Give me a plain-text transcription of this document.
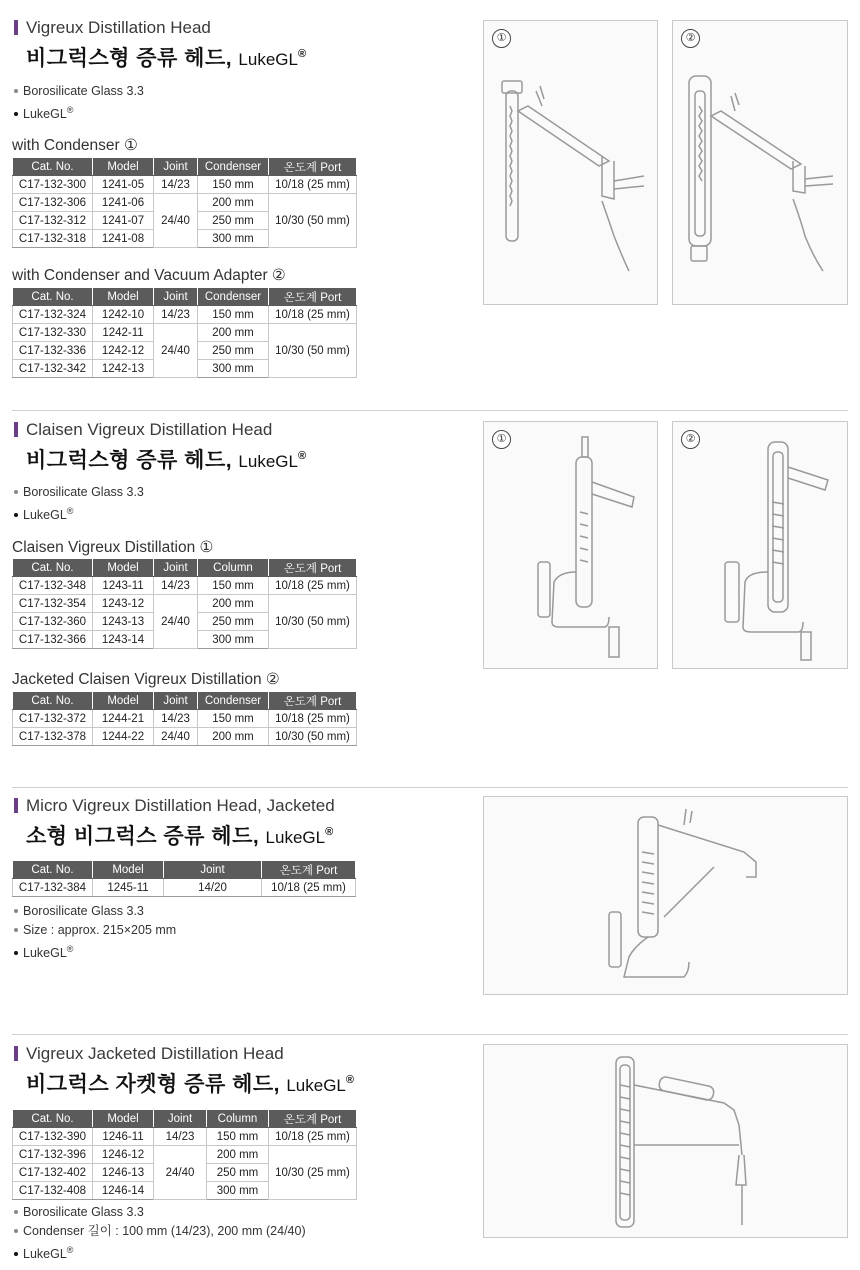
Vigreux Distillation Head
비그럭스형 증류 헤드, LukeGL®
Borosilicate Glass 3.3
LukeGL®
with Condenser ①
Cat. No.	Model	Joint	Condenser	온도계 Port
C17-132-300	1241-05	14/23	150 mm	10/18 (25 mm)
C17-132-306	1241-06	24/40	200 mm	10/30 (50 mm)
C17-132-312	1241-07		250 mm	
C17-132-318	1241-08		300 mm	
with Condenser and Vacuum Adapter ②
Cat. No.	Model	Joint	Condenser	온도계 Port
C17-132-324	1242-10	14/23	150 mm	10/18 (25 mm)
C17-132-330	1242-11	24/40	200 mm	10/30 (50 mm)
C17-132-336	1242-12		250 mm	
C17-132-342	1242-13		300 mm	
①	②
Claisen Vigreux Distillation Head
비그럭스형 증류 헤드, LukeGL®
Borosilicate Glass 3.3
LukeGL®
Claisen Vigreux Distillation ①
Cat. No.	Model	Joint	Column	온도계 Port
C17-132-348	1243-11	14/23	150 mm	10/18 (25 mm)
C17-132-354	1243-12	24/40	200 mm	10/30 (50 mm)
C17-132-360	1243-13		250 mm	
C17-132-366	1243-14		300 mm	
Jacketed Claisen Vigreux Distillation ②
Cat. No.	Model	Joint	Condenser	온도계 Port
C17-132-372	1244-21	14/23	150 mm	10/18 (25 mm)
C17-132-378	1244-22	24/40	200 mm	10/30 (50 mm)
①	②
Micro Vigreux Distillation Head, Jacketed
소형 비그럭스 증류 헤드, LukeGL®
Cat. No.	Model	Joint	온도계 Port
C17-132-384	1245-11	14/20	10/18 (25 mm)
Borosilicate Glass 3.3
Size : approx. 215×205 mm
LukeGL®
Vigreux Jacketed Distillation Head
비그럭스 자켓형 증류 헤드, LukeGL®
Cat. No.	Model	Joint	Column	온도계 Port
C17-132-390	1246-11	14/23	150 mm	10/18 (25 mm)
C17-132-396	1246-12	24/40	200 mm	10/30 (25 mm)
C17-132-402	1246-13		250 mm	
C17-132-408	1246-14		300 mm	
Borosilicate Glass 3.3
Condenser 길이 : 100 mm (14/23), 200 mm (24/40)
LukeGL®
